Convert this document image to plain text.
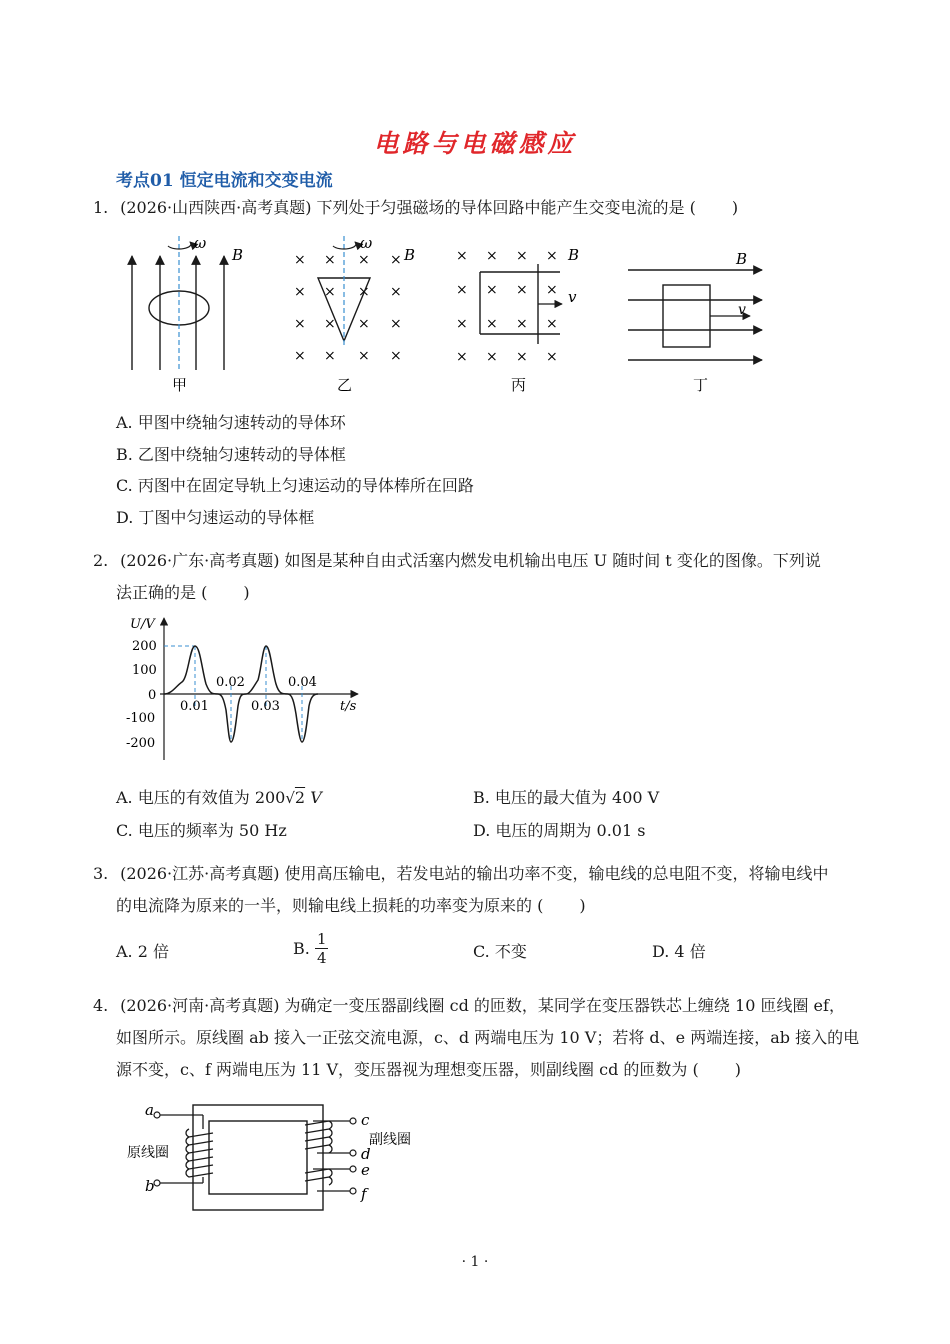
电路与电磁感应
考点01 恒定电流和交变电流
1. (2026·山西陕西·高考真题) 下列处于匀强磁场的导体回路中能产生交变电流的是 ( )
ω
B
甲
× × × ×
×	×
× ×
× × × ×
× × × ×
ω
B
乙
× × × ×
× × × ×
× × × ×
× × × ×
v
B
丙
v
B
丁
A. 甲图中绕轴匀速转动的导体环
B. 乙图中绕轴匀速转动的导体框
C. 丙图中在固定导轨上匀速运动的导体棒所在回路
D. 丁图中匀速运动的导体框
2. (2026·广东·高考真题) 如图是某种自由式活塞内燃发电机输出电压 U 随时间 t 变化的图像。下列说
法正确的是 ( )
U/V
t/s
200
100
0
-100
-200
0.01	0.03
0.02	0.04
A. 电压的有效值为 200√2 V	B. 电压的最大值为 400 V
C. 电压的频率为 50 Hz	D. 电压的周期为 0.01 s
3. (2026·江苏·高考真题) 使用高压输电，若发电站的输出功率不变，输电线的总电阻不变，将输电线中
的电流降为原来的一半，则输电线上损耗的功率变为原来的 ( )
A. 2 倍	B. $\frac{1}{4}$	C. 不变	D. 4 倍
4. (2026·河南·高考真题) 为确定一变压器副线圈 cd 的匝数，某同学在变压器铁芯上缠绕 10 匝线圈 ef，
如图所示。原线圈 ab 接入一正弦交流电源，c、d 两端电压为 10 V；若将 d、e 两端连接，ab 接入的电
源不变，c、f 两端电压为 11 V，变压器视为理想变压器，则副线圈 cd 的匝数为 ( )
a
b
c
d
e
f
原线圈
副线圈
· 1 ·
